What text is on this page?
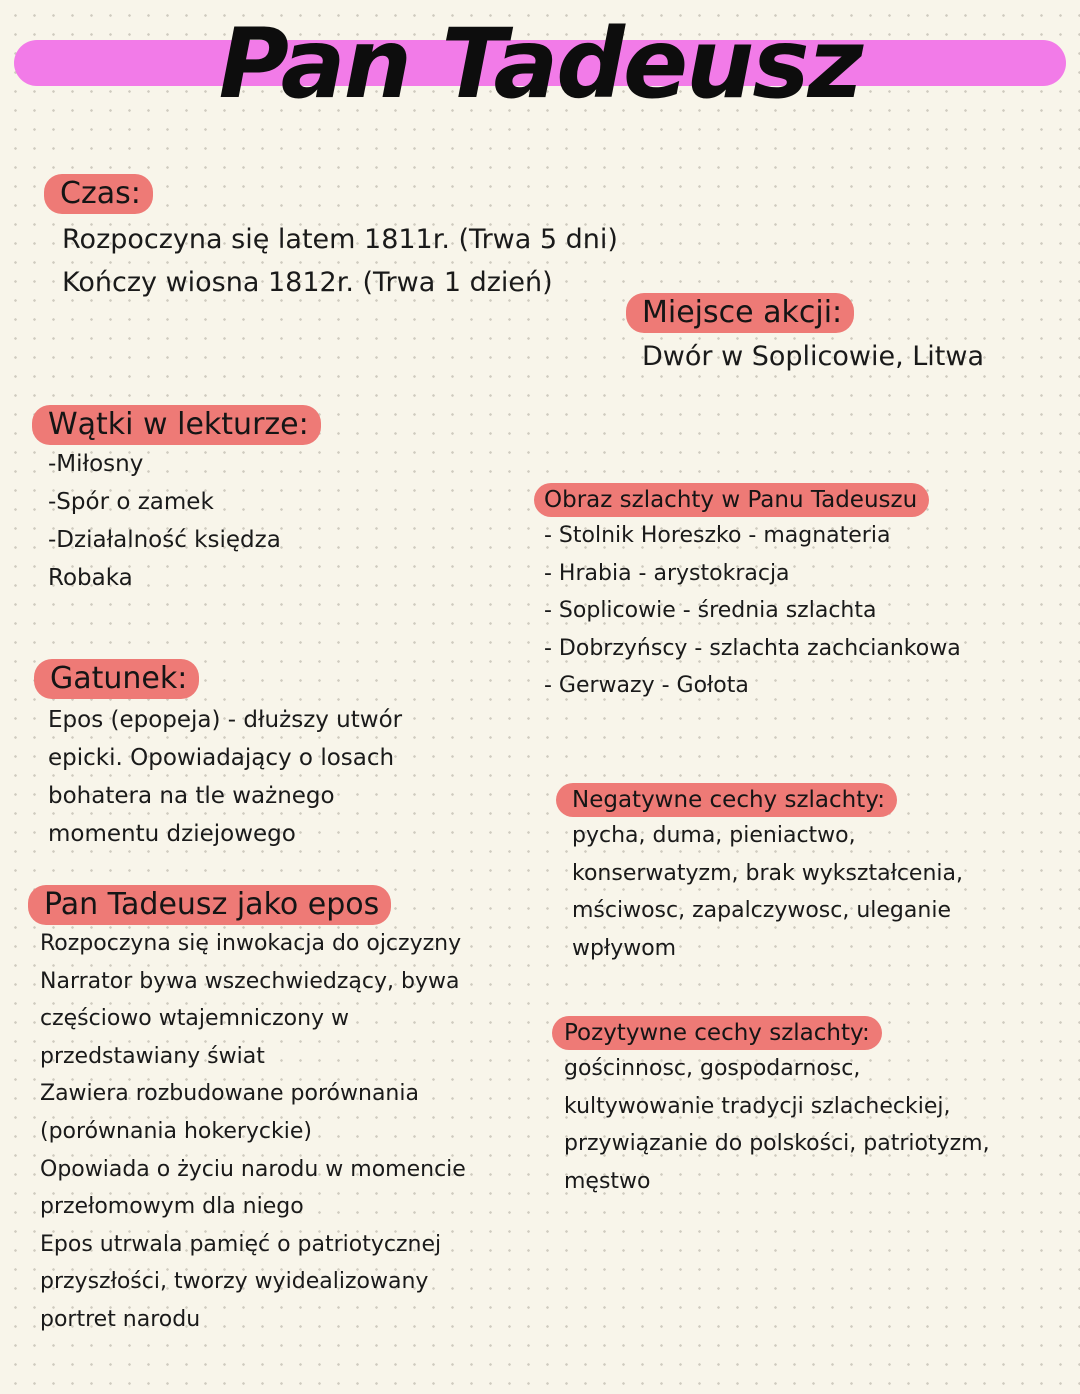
Pan Tadeusz
Czas:
Rozpoczyna się latem 1811r. (Trwa 5 dni)
Kończy wiosna 1812r. (Trwa 1 dzień)
Miejsce akcji:
Dwór w Soplicowie, Litwa
Wątki w lekturze:
-Miłosny
-Spór o zamek
-Działalność księdza
Robaka
Gatunek:
Epos (epopeja) - dłuższy utwór
epicki. Opowiadający o losach
bohatera na tle ważnego
momentu dziejowego
Pan Tadeusz jako epos
Rozpoczyna się inwokacja do ojczyzny
Narrator bywa wszechwiedzący, bywa
częściowo wtajemniczony w
przedstawiany świat
Zawiera rozbudowane porównania
(porównania hokeryckie)
Opowiada o życiu narodu w momencie
przełomowym dla niego
Epos utrwala pamięć o patriotycznej
przyszłości, tworzy wyidealizowany
portret narodu
Obraz szlachty w Panu Tadeuszu
- Stolnik Horeszko - magnateria
- Hrabia - arystokracja
- Soplicowie - średnia szlachta
- Dobrzyńscy - szlachta zachciankowa
- Gerwazy - Gołota
Negatywne cechy szlachty:
pycha, duma, pieniactwo,
konserwatyzm, brak wykształcenia,
mściwosc, zapalczywosc, uleganie
wpływom
Pozytywne cechy szlachty:
gościnnosc, gospodarnosc,
kultywowanie tradycji szlacheckiej,
przywiązanie do polskości, patriotyzm,
męstwo
